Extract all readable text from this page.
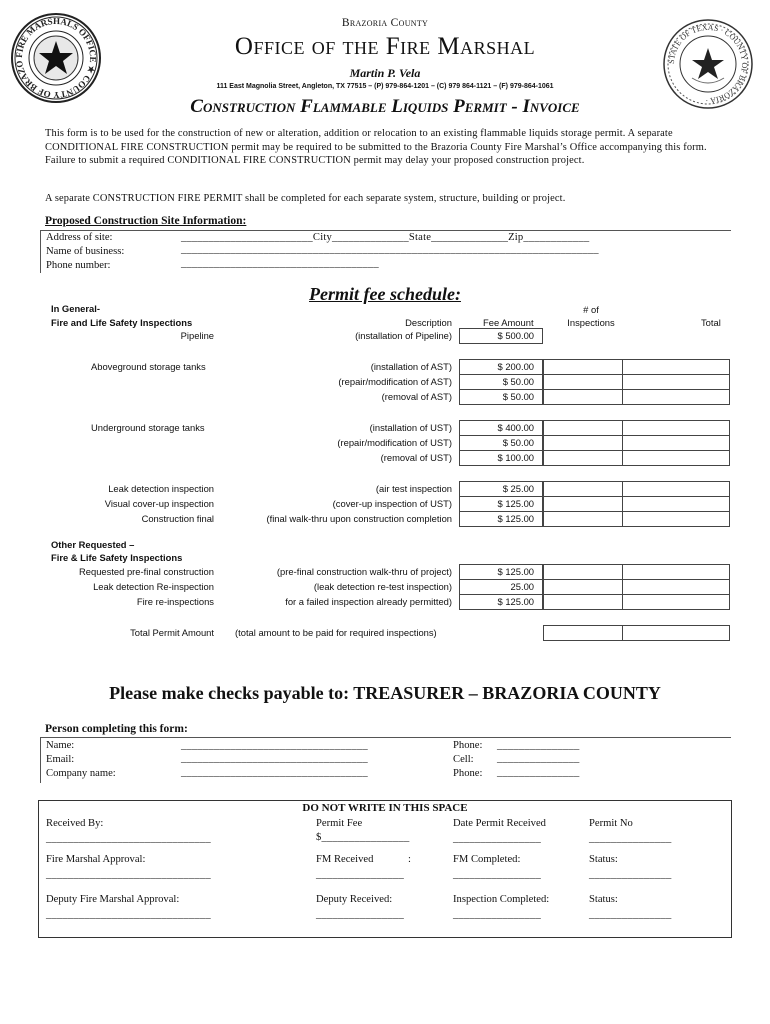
FIRE MARSHALS OFFICE ★ COUNTY OF BRAZO	STATE OF TEXAS · COUNTY OF BRAZORIA ·
Brazoria County
Office of the Fire Marshal
Martin P. Vela
111 East Magnolia Street, Angleton, TX 77515 – (P) 979-864-1201 – (C) 979 864-1121 – (F) 979-864-1061
Construction Flammable Liquids Permit - Invoice
This form is to be used for the construction of new or alteration, addition or relocation to an existing flammable liquids storage permit. A separate CONDITIONAL FIRE CONSTRUCTION permit may be required to be submitted to the Brazoria County Fire Marshal’s Office accompanying this form. Failure to submit a required CONDITIONAL FIRE CONSTRUCTION permit may delay your proposed construction project.
A separate CONSTRUCTION FIRE PERMIT shall be completed for each separate system, structure, building or project.
Proposed Construction Site Information:
Address of site:	________________________City______________State______________Zip____________
Name of business:	____________________________________________________________________________
Phone number:	____________________________________
Permit fee schedule:
In General-
Fire and Life Safety Inspections	Description	Fee Amount
# of
Inspections	Total
Pipeline	(installation of Pipeline)	$ 500.00
Aboveground storage tanks	(installation of AST)	$ 200.00
(repair/modification of AST)	$ 50.00
(removal of AST)	$ 50.00
Underground storage tanks	(installation of UST)	$ 400.00
(repair/modification of UST)	$ 50.00
(removal of UST)	$ 100.00
Leak detection inspection	(air test inspection	$ 25.00
Visual cover-up inspection	(cover-up inspection of UST)	$ 125.00
Construction final	(final walk-thru upon construction completion	$ 125.00
Other Requested –
Fire & Life Safety Inspections
Requested pre-final construction	(pre-final construction walk-thru of project)	$ 125.00
Leak detection Re-inspection	(leak detection re-test inspection)	25.00
Fire re-inspections	for a failed inspection already permitted)	$ 125.00
Total Permit Amount (total amount to be paid for required inspections)
Please make checks payable to: TREASURER – BRAZORIA COUNTY
Person completing this form:
Name:	__________________________________
Email:	__________________________________
Company name:	__________________________________
Phone: _______________
Cell: _______________
Phone: _______________
DO NOT WRITE IN THIS SPACE
Received By:
______________________________
Permit Fee
$________________
Date Permit Received
________________
Permit No
_______________
Fire Marshal Approval:
______________________________
FM Received	:
________________
FM Completed:
________________
Status:
_______________
Deputy Fire Marshal Approval:
______________________________
Deputy Received:
________________
Inspection Completed:
________________
Status:
_______________
